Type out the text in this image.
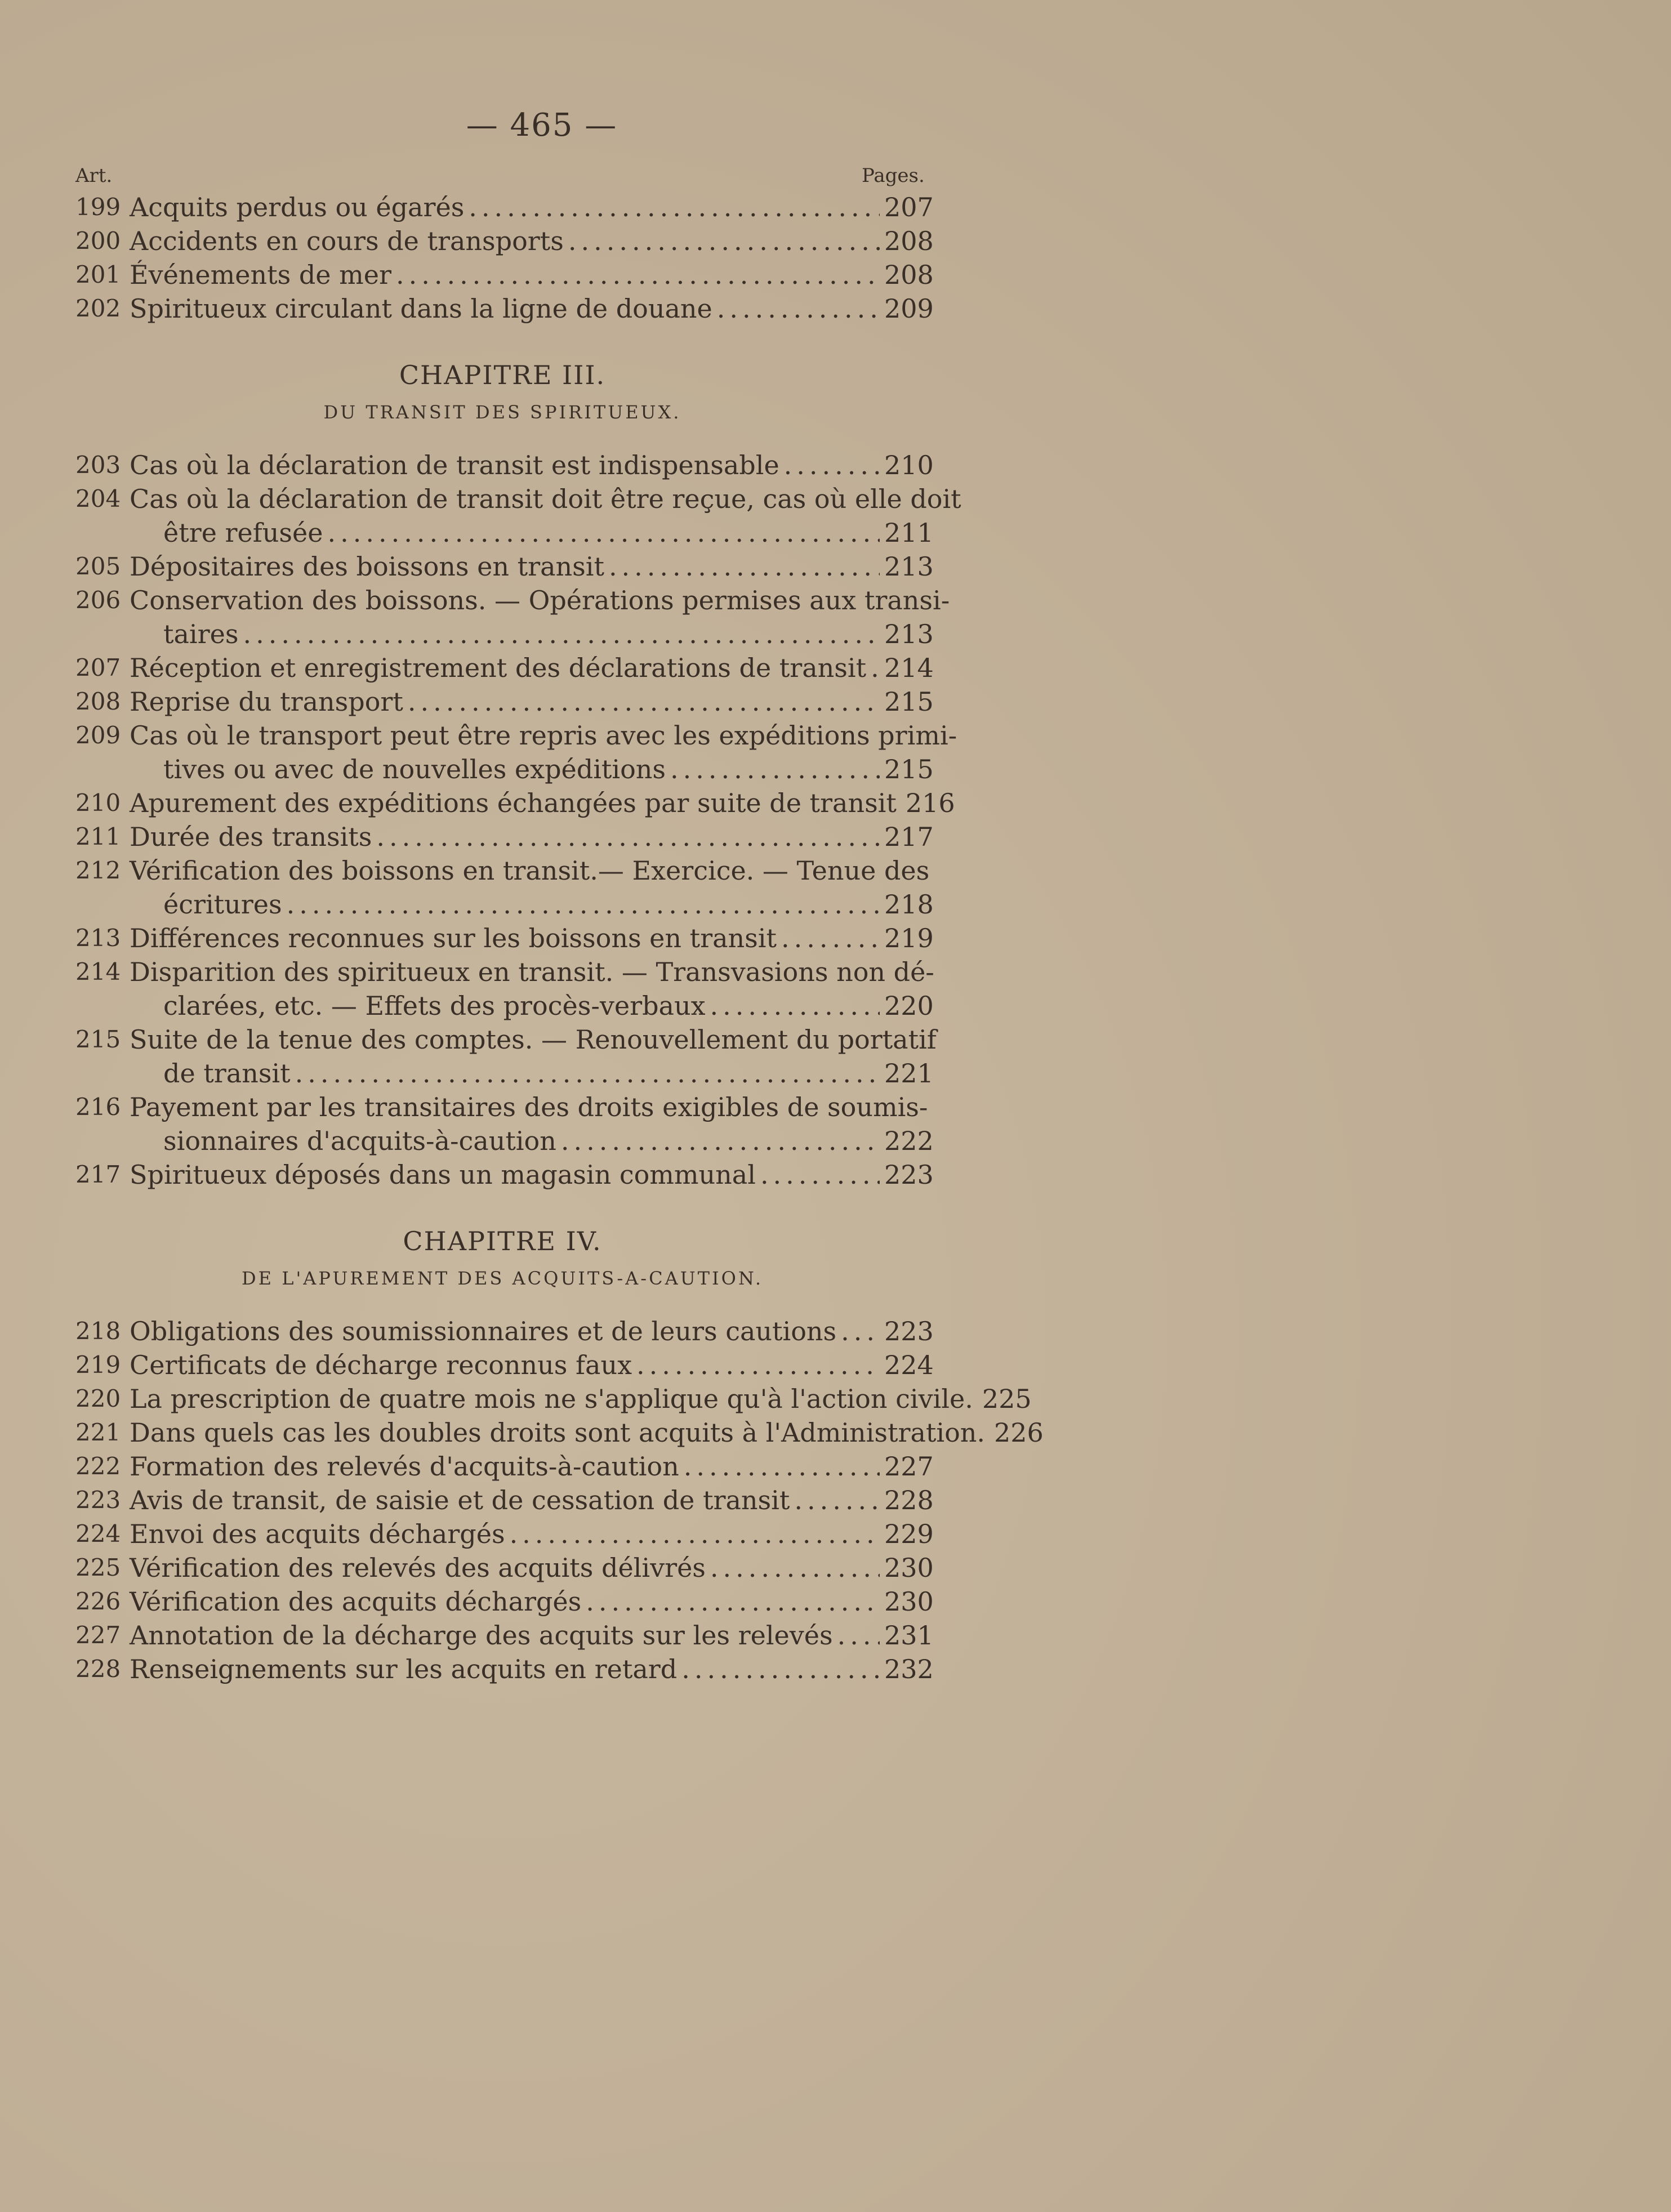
— 465 —
Art.	Pages.
199 Acquits perdus ou égarés .....	207
200 Accidents en cours de transports .....	208
201 Événements de mer .....	208
202 Spiritueux circulant dans la ligne de douane .....	209
CHAPITRE III.
DU TRANSIT DES SPIRITUEUX.
203 Cas où la déclaration de transit est indispensable .....	210
204 Cas où la déclaration de transit doit être reçue, cas où elle doit
être refusée .....	211
205 Dépositaires des boissons en transit .....	213
206 Conservation des boissons. — Opérations permises aux transi-
taires .....	213
207 Réception et enregistrement des déclarations de transit ..... 214
208 Reprise du transport .....	215
209 Cas où le transport peut être repris avec les expéditions primi-
tives ou avec de nouvelles expéditions .....	215
210 Apurement des expéditions échangées par suite de transit 216
211 Durée des transits .....	217
212 Vérification des boissons en transit.— Exercice. — Tenue des
écritures .....	218
213 Différences reconnues sur les boissons en transit .....	219
214 Disparition des spiritueux en transit. — Transvasions non dé-
clarées, etc. — Effets des procès-verbaux .....	220
215 Suite de la tenue des comptes. — Renouvellement du portatif
de transit .....	221
216 Payement par les transitaires des droits exigibles de soumis-
sionnaires d'acquits-à-caution .....	222
217 Spiritueux déposés dans un magasin communal .....	223
CHAPITRE IV.
DE L'APUREMENT DES ACQUITS-A-CAUTION.
218 Obligations des soumissionnaires et de leurs cautions ..... 223
219 Certificats de décharge reconnus faux .....	224
220 La prescription de quatre mois ne s'applique qu'à l'action civile. 225
221 Dans quels cas les doubles droits sont acquits à l'Administration. 226
222 Formation des relevés d'acquits-à-caution .....	227
223 Avis de transit, de saisie et de cessation de transit .....	228
224 Envoi des acquits déchargés .....	229
225 Vérification des relevés des acquits délivrés .....	230
226 Vérification des acquits déchargés .....	230
227 Annotation de la décharge des acquits sur les relevés ..... 231
228 Renseignements sur les acquits en retard .....	232
